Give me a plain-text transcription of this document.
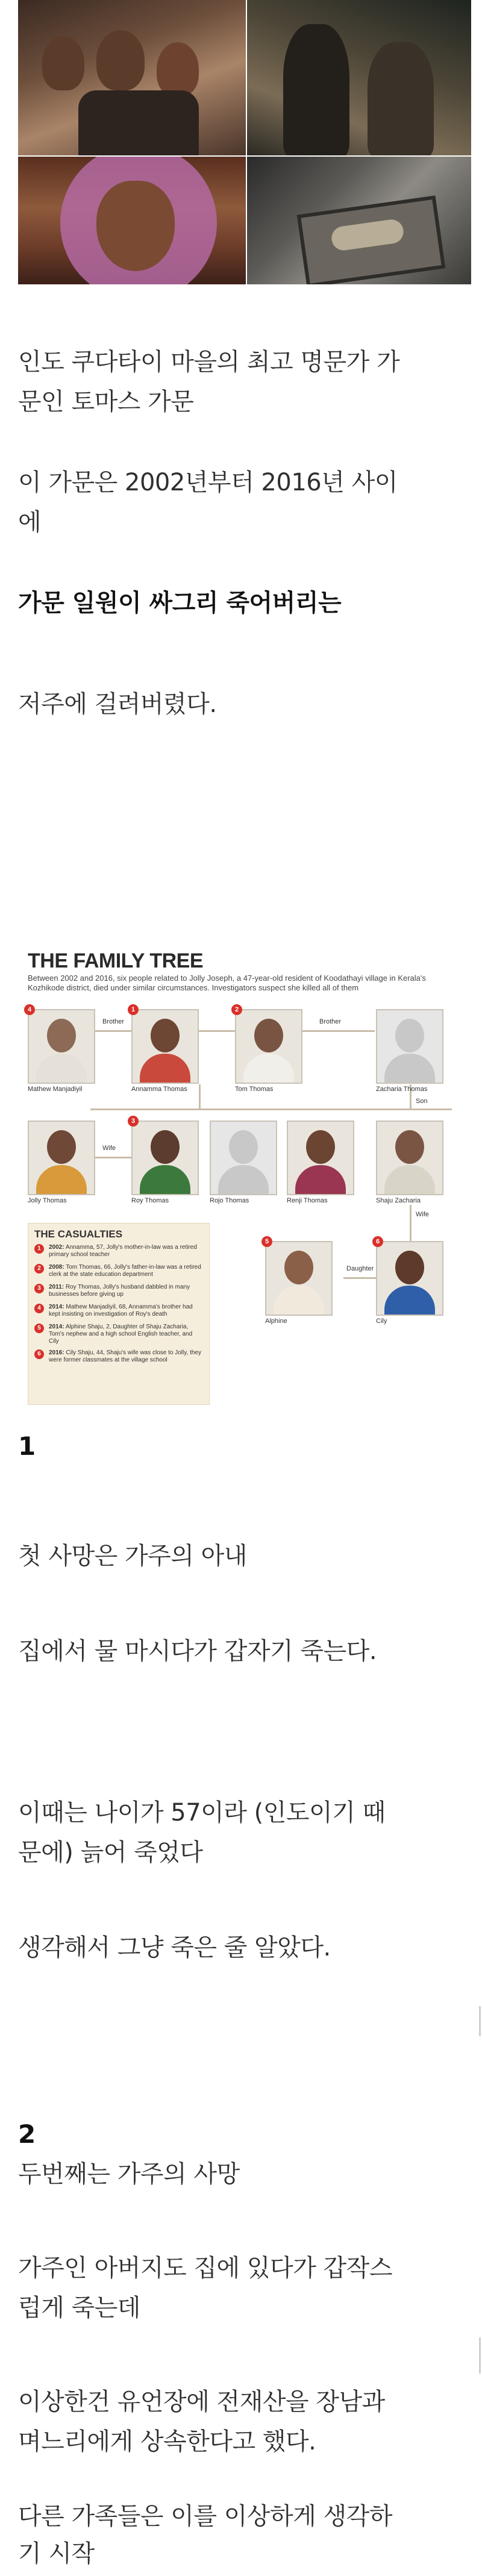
인도 쿠다타이 마을의 최고 명문가 가
문인 토마스 가문
이 가문은 2002년부터 2016년 사이
에
가문 일원이 싸그리 죽어버리는
저주에 걸려버렸다.
THE FAMILY TREE
Between 2002 and 2016, six people related to Jolly Joseph, a 47-year-old resident of Koodathayi village in Kerala's Kozhikode district, died under similar circumstances. Investigators suspect she killed all of them
Mathew Manjadiyil
4
Brother
Annamma Thomas
1
Tom Thomas
2
Brother
Zacharia Thomas
Son
Jolly Thomas
Wife
Roy Thomas
3
Rojo Thomas	Renji Thomas	Shaju Zacharia
Wife
Alphine
5
Daughter
Cily
6
THE CASUALTIES
1	2002: Annamma, 57, Jolly's mother-in-law was a retired primary school teacher
2	2008: Tom Thomas, 66, Jolly's father-in-law was a retired clerk at the state education department
3	2011: Roy Thomas, Jolly's husband dabbled in many businesses before giving up
4	2014: Mathew Manjadiyil, 68, Annamma's brother had kept insisting on investigation of Roy's death
5	2014: Alphine Shaju, 2, Daughter of Shaju Zacharia, Tom's nephew and a high school English teacher, and Cily
6	2016: Cily Shaju, 44, Shaju's wife was close to Jolly, they were former classmates at the village school
1
첫 사망은 가주의 아내
집에서 물 마시다가 갑자기 죽는다.
이때는 나이가 57이라 (인도이기 때
문에) 늙어 죽었다
생각해서 그냥 죽은 줄 알았다.
2
두번째는 가주의 사망
가주인 아버지도 집에 있다가 갑작스
럽게 죽는데
이상한건 유언장에 전재산을 장남과
며느리에게 상속한다고 했다.
다른 가족들은 이를 이상하게 생각하
기 시작
